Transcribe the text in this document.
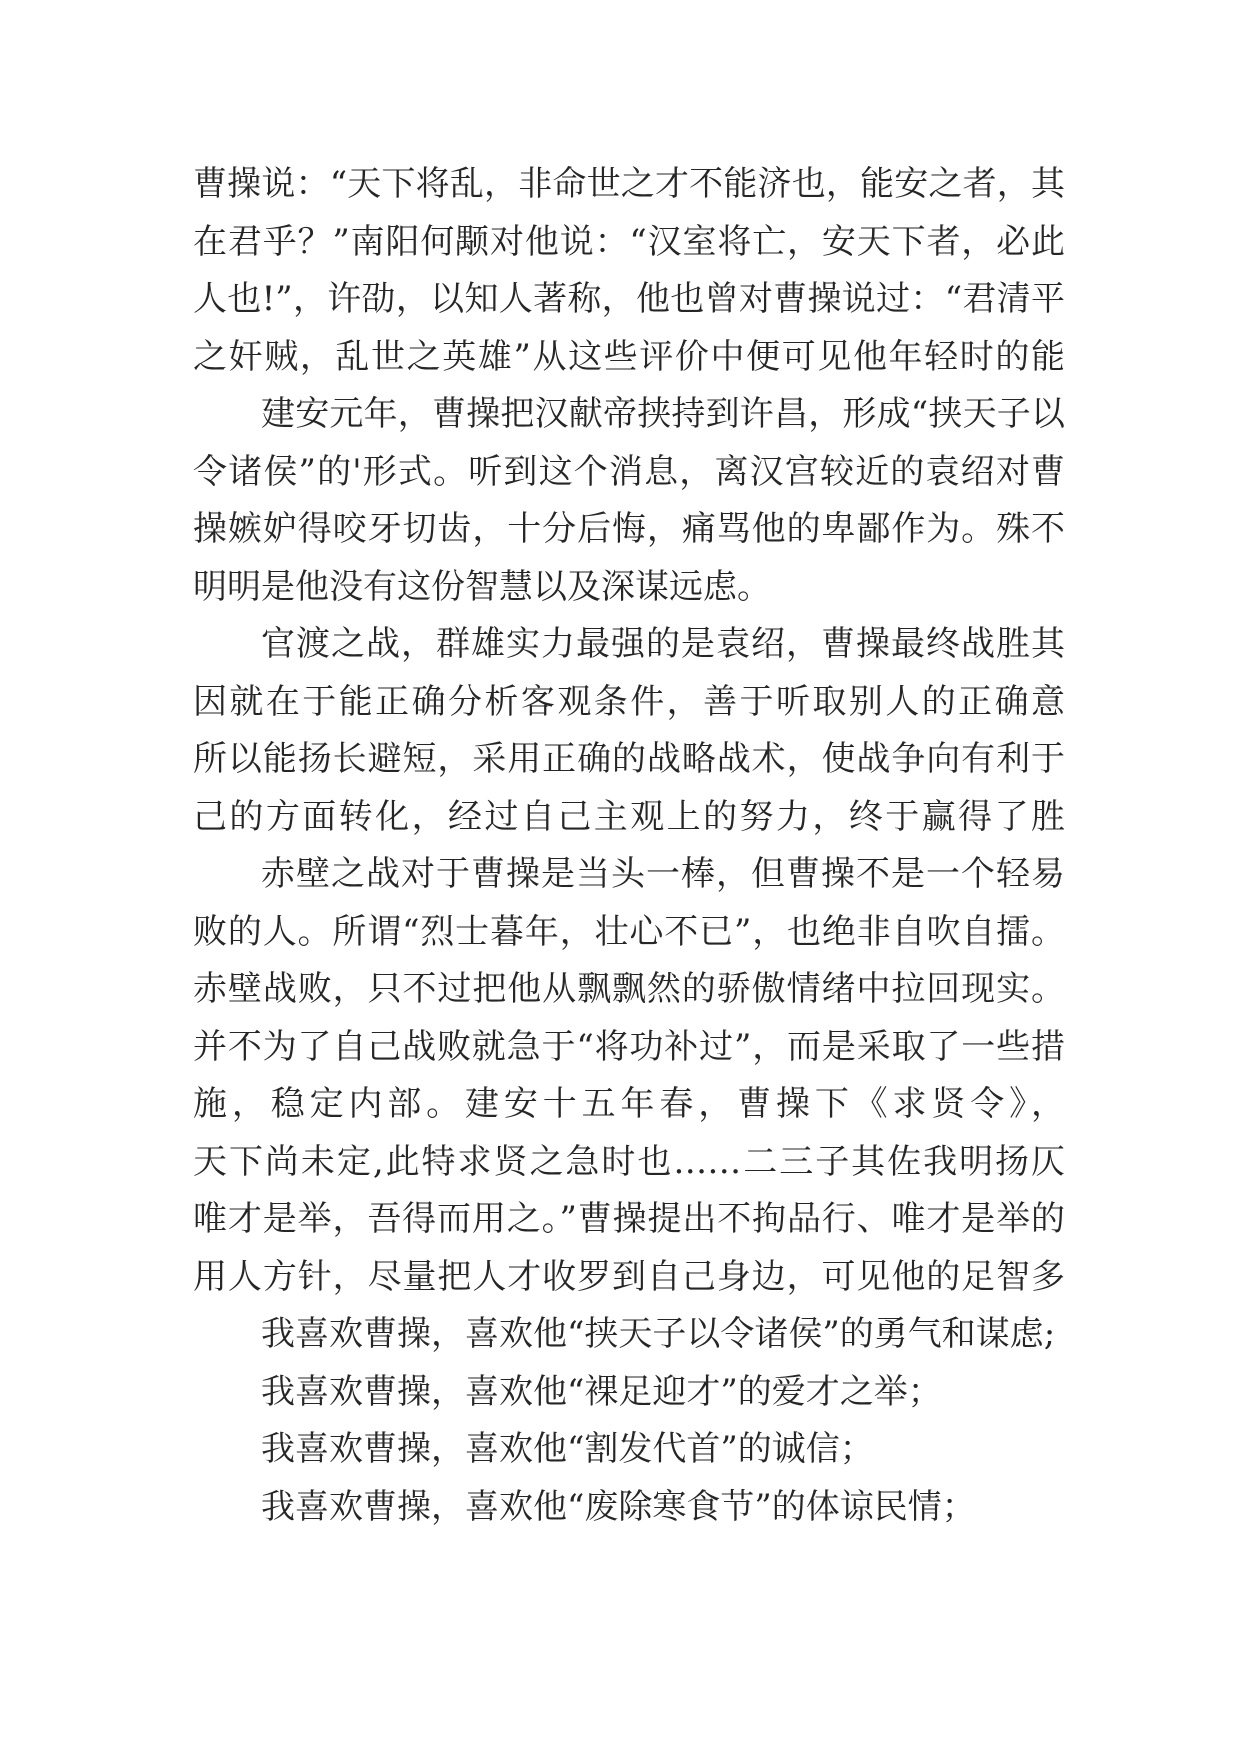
曹操说：“天下将乱，非命世之才不能济也，能安之者，其
在君乎？”南阳何颙对他说：“汉室将亡，安天下者，必此
人也!”，许劭，以知人著称，他也曾对曹操说过：“君清平
之奸贼，乱世之英雄”从这些评价中便可见他年轻时的能
建安元年，曹操把汉献帝挟持到许昌，形成“挟天子以
令诸侯”的'形式。听到这个消息，离汉宫较近的袁绍对曹
操嫉妒得咬牙切齿，十分后悔，痛骂他的卑鄙作为。殊不
明明是他没有这份智慧以及深谋远虑。
官渡之战，群雄实力最强的是袁绍，曹操最终战胜其
因就在于能正确分析客观条件，善于听取别人的正确意
所以能扬长避短，采用正确的战略战术，使战争向有利于
己的方面转化，经过自己主观上的努力，终于赢得了胜
赤壁之战对于曹操是当头一棒，但曹操不是一个轻易
败的人。所谓“烈士暮年，壮心不已”，也绝非自吹自擂。
赤壁战败，只不过把他从飘飘然的骄傲情绪中拉回现实。
并不为了自己战败就急于“将功补过”，而是采取了一些措
施，稳定内部。建安十五年春，曹操下《求贤令》，
天下尚未定,此特求贤之急时也……二三子其佐我明扬仄
唯才是举，吾得而用之。”曹操提出不拘品行、唯才是举的
用人方针，尽量把人才收罗到自己身边，可见他的足智多
我喜欢曹操，喜欢他“挟天子以令诸侯”的勇气和谋虑;
我喜欢曹操，喜欢他“裸足迎才”的爱才之举；
我喜欢曹操，喜欢他“割发代首”的诚信；
我喜欢曹操，喜欢他“废除寒食节”的体谅民情；
